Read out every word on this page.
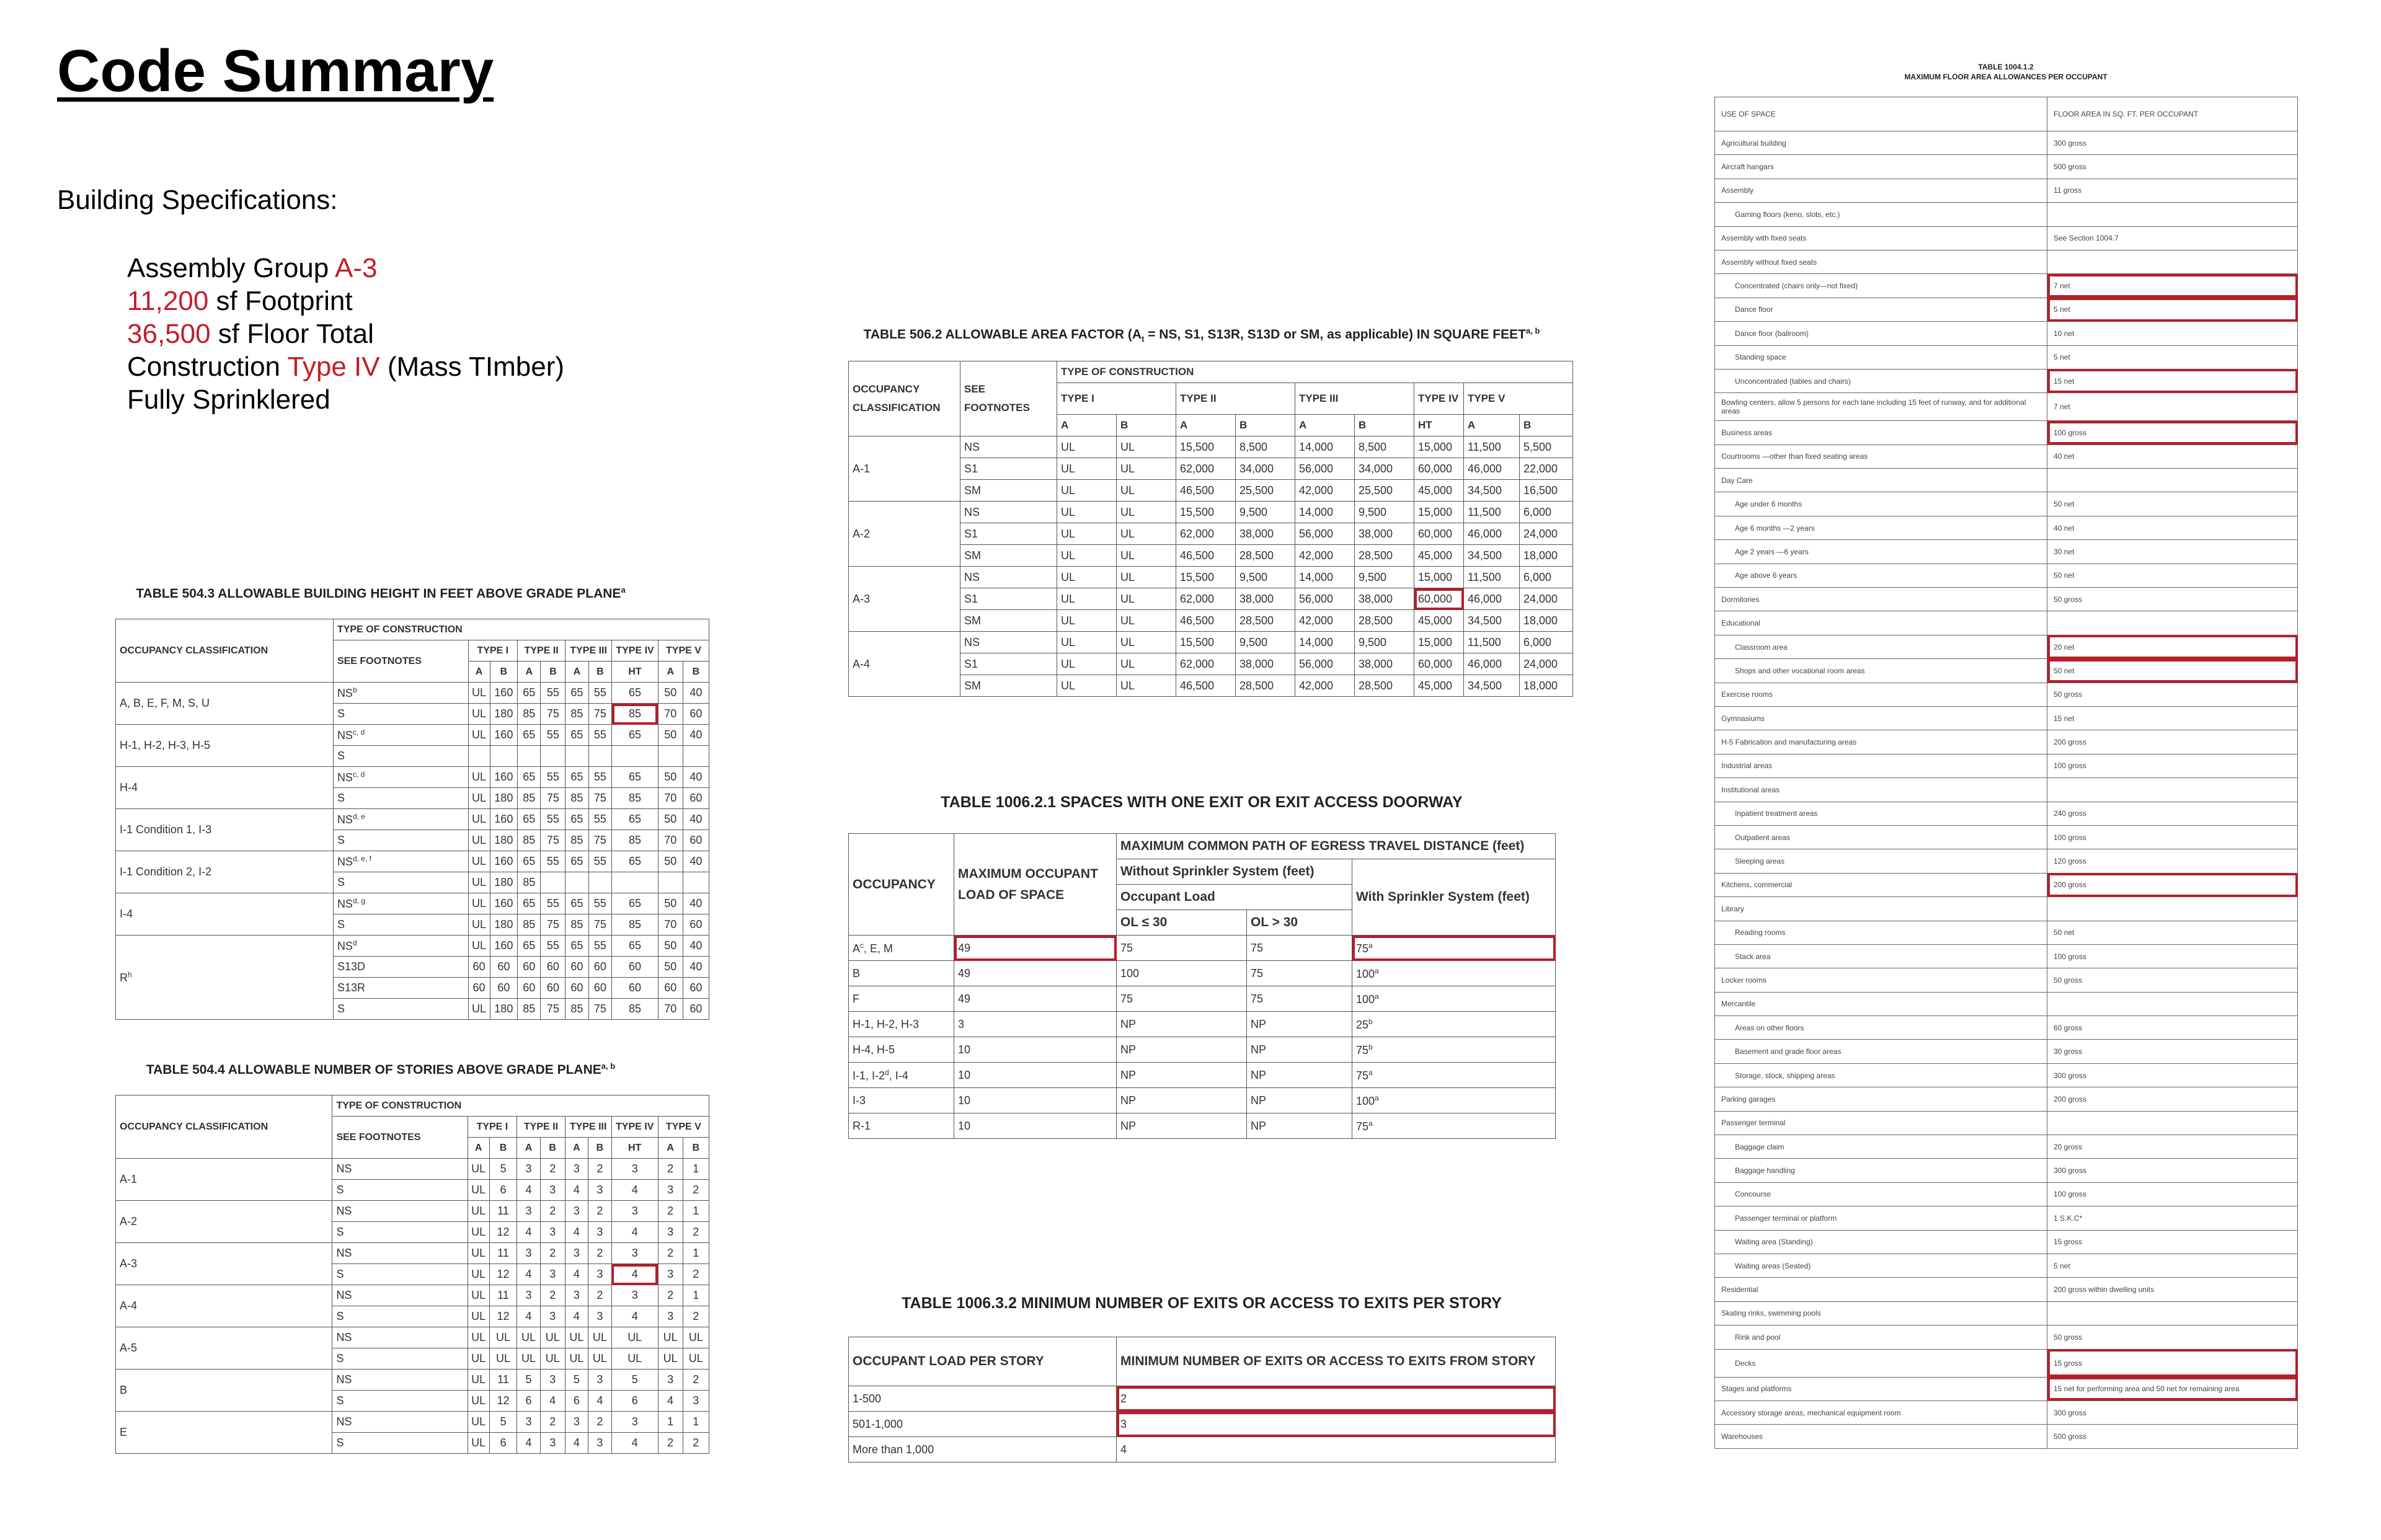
Code Summary
Building Specifications:
Assembly Group A-3
11,200 sf Footprint
36,500 sf Floor Total
Construction Type IV (Mass TImber)
Fully Sprinklered
TABLE 504.3 ALLOWABLE BUILDING HEIGHT IN FEET ABOVE GRADE PLANE$^a$
OCCUPANCY CLASSIFICATION	TYPE OF CONSTRUCTION									
	SEE FOOTNOTES	TYPE I		TYPE II		TYPE III		TYPE IV	TYPE V	
		A	B	A	B	A	B	HT	A	B
A, B, E, F, M, S, U	$NS^b$	UL	160	65	55	65	55	65	50	40
	S	UL	180	85	75	85	75	85	70	60
H-1, H-2, H-3, H-5	NS$^{c, d}$	UL	160	65	55	65	55	65	50	40
	S									
H-4	NS$^{c, d}$	UL	160	65	55	65	55	65	50	40
	S	UL	180	85	75	85	75	85	70	60
I-1 Condition 1, I-3	NS$^{d, e}$	UL	160	65	55	65	55	65	50	40
	S	UL	180	85	75	85	75	85	70	60
I-1 Condition 2, I-2	NS$^{d, e, f}$	UL	160	65	55	65	55	65	50	40
	S	UL	180	85						
I-4	NS$^{d, g}$	UL	160	65	55	65	55	65	50	40
	S	UL	180	85	75	85	75	85	70	60
$R^h$	$NS^d$	UL	160	65	55	65	55	65	50	40
	S13D	60	60	60	60	60	60	60	50	40
	S13R	60	60	60	60	60	60	60	60	60
	S	UL	180	85	75	85	75	85	70	60
TABLE 504.4 ALLOWABLE NUMBER OF STORIES ABOVE GRADE PLANE$^{a, b}$
OCCUPANCY CLASSIFICATION	TYPE OF CONSTRUCTION									
	SEE FOOTNOTES	TYPE I		TYPE II		TYPE III		TYPE IV	TYPE V	
		A	B	A	B	A	B	HT	A	B
A-1	NS	UL	5	3	2	3	2	3	2	1
	S	UL	6	4	3	4	3	4	3	2
A-2	NS	UL	11	3	2	3	2	3	2	1
	S	UL	12	4	3	4	3	4	3	2
A-3	NS	UL	11	3	2	3	2	3	2	1
	S	UL	12	4	3	4	3	4	3	2
A-4	NS	UL	11	3	2	3	2	3	2	1
	S	UL	12	4	3	4	3	4	3	2
A-5	NS	UL	UL	UL	UL	UL	UL	UL	UL	UL
	S	UL	UL	UL	UL	UL	UL	UL	UL	UL
B	NS	UL	11	5	3	5	3	5	3	2
	S	UL	12	6	4	6	4	6	4	3
E	NS	UL	5	3	2	3	2	3	1	1
	S	UL	6	4	3	4	3	4	2	2
TABLE 506.2 ALLOWABLE AREA FACTOR ($A_t$ = NS, S1, S13R, S13D or SM, as applicable) IN SQUARE FEET$^{a, b}$
OCCUPANCY CLASSIFICATION	SEE FOOTNOTES	TYPE OF CONSTRUCTION								
		TYPE I		TYPE II		TYPE III		TYPE IV	TYPE V	
		A	B	A	B	A	B	HT	A	B
A-1	NS	UL	UL	15,500	8,500	14,000	8,500	15,000	11,500	5,500
	S1	UL	UL	62,000	34,000	56,000	34,000	60,000	46,000	22,000
	SM	UL	UL	46,500	25,500	42,000	25,500	45,000	34,500	16,500
A-2	NS	UL	UL	15,500	9,500	14,000	9,500	15,000	11,500	6,000
	S1	UL	UL	62,000	38,000	56,000	38,000	60,000	46,000	24,000
	SM	UL	UL	46,500	28,500	42,000	28,500	45,000	34,500	18,000
A-3	NS	UL	UL	15,500	9,500	14,000	9,500	15,000	11,500	6,000
	S1	UL	UL	62,000	38,000	56,000	38,000	60,000	46,000	24,000
	SM	UL	UL	46,500	28,500	42,000	28,500	45,000	34,500	18,000
A-4	NS	UL	UL	15,500	9,500	14,000	9,500	15,000	11,500	6,000
	S1	UL	UL	62,000	38,000	56,000	38,000	60,000	46,000	24,000
	SM	UL	UL	46,500	28,500	42,000	28,500	45,000	34,500	18,000
TABLE 1006.2.1 SPACES WITH ONE EXIT OR EXIT ACCESS DOORWAY
OCCUPANCY	MAXIMUM OCCUPANT LOAD OF SPACE	MAXIMUM COMMON PATH OF EGRESS TRAVEL DISTANCE (feet)		
		Without Sprinkler System (feet)		With Sprinkler System (feet)
		Occupant Load		
		OL ≤ 30	OL > 30	
$A^c$, E, M	49	75	75	75$^a$
B	49	100	75	100$^a$
F	49	75	75	100$^a$
H-1, H-2, H-3	3	NP	NP	25$^b$
H-4, H-5	10	NP	NP	75$^b$
I-1, I-2$^d$, I-4	10	NP	NP	75$^a$
I-3	10	NP	NP	100$^a$
R-1	10	NP	NP	75$^a$
TABLE 1006.3.2 MINIMUM NUMBER OF EXITS OR ACCESS TO EXITS PER STORY
OCCUPANT LOAD PER STORY	MINIMUM NUMBER OF EXITS OR ACCESS TO EXITS FROM STORY
1-500	2
501-1,000	3
More than 1,000	4
TABLE 1004.1.2
MAXIMUM FLOOR AREA ALLOWANCES PER OCCUPANT
USE OF SPACE	FLOOR AREA IN SQ. FT. PER OCCUPANT
Agricultural building	300 gross
Aircraft hangars	500 gross
Assembly	11 gross
Gaming floors (keno, slots, etc.)	
Assembly with fixed seats	See Section 1004.7
Assembly without fixed seats	
Concentrated (chairs only—not fixed)	7 net
Dance floor	5 net
Dance floor (ballroom)	10 net
Standing space	5 net
Unconcentrated (tables and chairs)	15 net
Bowling centers, allow 5 persons for each lane including 15 feet of runway, and for additional areas	7 net
Business areas	100 gross
Courtrooms —other than fixed seating areas	40 net
Day Care	
Age under 6 months	50 net
Age 6 months —2 years	40 net
Age 2 years —6 years	30 net
Age above 6 years	50 net
Dormitories	50 gross
Educational	
Classroom area	20 net
Shops and other vocational room areas	50 net
Exercise rooms	50 gross
Gymnasiums	15 net
H-5 Fabrication and manufacturing areas	200 gross
Industrial areas	100 gross
Institutional areas	
Inpatient treatment areas	240 gross
Outpatient areas	100 gross
Sleeping areas	120 gross
Kitchens, commercial	200 gross
Library	
Reading rooms	50 net
Stack area	100 gross
Locker rooms	50 gross
Mercantile	
Areas on other floors	60 gross
Basement and grade floor areas	30 gross
Storage, stock, shipping areas	300 gross
Parking garages	200 gross
Passenger terminal	
Baggage claim	20 gross
Baggage handling	300 gross
Concourse	100 gross
Passenger terminal or platform	1 S.K.C*
Waiting area (Standing)	15 gross
Waiting areas (Seated)	5 net
Residential	200 gross within dwelling units
Skating rinks, swimming pools	
Rink and pool	50 gross
Decks	15 gross
Stages and platforms	15 net for performing area and 50 net for remaining area
Accessory storage areas, mechanical equipment room	300 gross
Warehouses	500 gross
